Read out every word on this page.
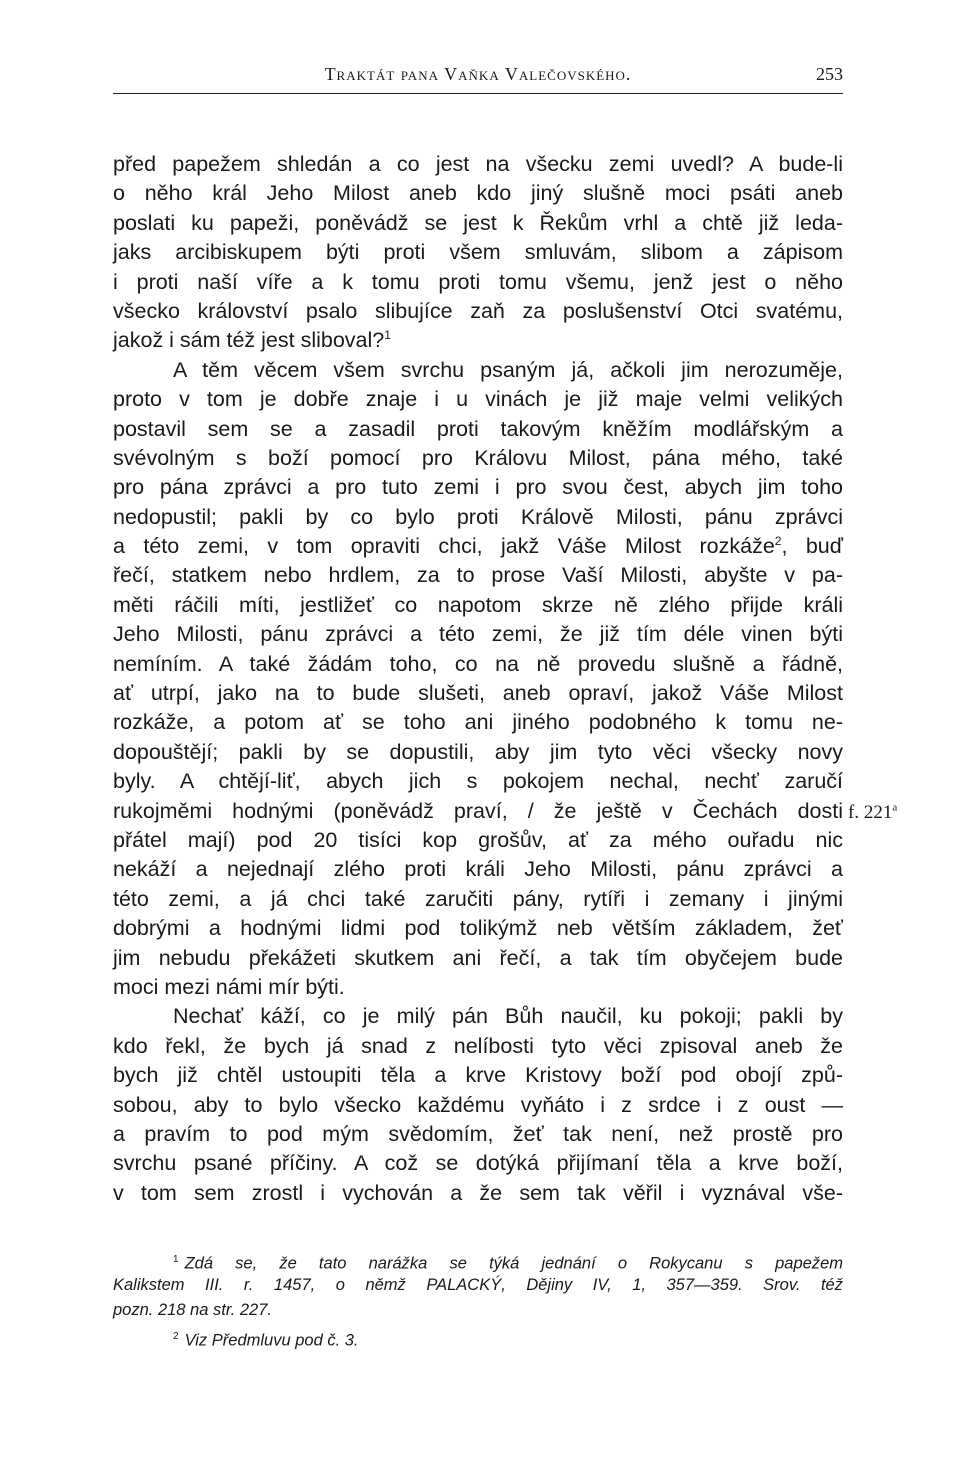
Traktát pana Vaňka Valečovského.	253
před papežem shledán a co jest na všecku zemi uvedl? A bude-li
o něho král Jeho Milost aneb kdo jiný slušně moci psáti aneb
poslati ku papeži, poněvádž se jest k Řekům vrhl a chtě již leda-
jaks arcibiskupem býti proti všem smluvám, slibom a zápisom
i proti naší víře a k tomu proti tomu všemu, jenž jest o něho
všecko království psalo slibujíce zaň za poslušenství Otci svatému,
jakož i sám též jest sliboval?$^1$
A těm věcem všem svrchu psaným já, ačkoli jim nerozuměje,
proto v tom je dobře znaje i u vinách je již maje velmi velikých
postavil sem se a zasadil proti takovým kněžím modlářským a
svévolným s boží pomocí pro Královu Milost, pána mého, také
pro pána zprávci a pro tuto zemi i pro svou čest, abych jim toho
nedopustil; pakli by co bylo proti Královĕ Milosti, pánu zprávci
a této zemi, v tom opraviti chci, jakž Váše Milost rozkáže$^2$, buď
řečí, statkem nebo hrdlem, za to prose Vaší Milosti, abyšte v pa-
měti ráčili míti, jestližeť co napotom skrze ně zlého přijde králi
Jeho Milosti, pánu zprávci a této zemi, že již tím déle vinen býti
nemíním. A také žádám toho, co na ně provedu slušně a řádně,
ať utrpí, jako na to bude slušeti, aneb opraví, jakož Váše Milost
rozkáže, a potom ať se toho ani jiného podobného k tomu ne-
dopouštějí; pakli by se dopustili, aby jim tyto věci všecky novy
byly. A chtějí-liť, abych jich s pokojem nechal, nechť zaručí
rukojměmi hodnými (poněvádž praví, / že ještě v Čechách dosti
přátel mají) pod 20 tisíci kop grošův, ať za mého ouřadu nic
nekáží a nejednají zlého proti králi Jeho Milosti, pánu zprávci a
této zemi, a já chci také zaručiti pány, rytíři i zemany i jinými
dobrými a hodnými lidmi pod tolikýmž neb větším základem, žeť
jim nebudu překážeti skutkem ani řečí, a tak tím obyčejem bude
moci mezi námi mír býti.
Nechať káží, co je milý pán Bůh naučil, ku pokoji; pakli by
kdo řekl, že bych já snad z nelíbosti tyto věci zpisoval aneb že
bych již chtěl ustoupiti těla a krve Kristovy boží pod obojí způ-
sobou, aby to bylo všecko každému vyňáto i z srdce i z oust —
a pravím to pod mým svědomím, žeť tak není, než prostě pro
svrchu psané příčiny. A což se dotýká přijímaní těla a krve boží,
v tom sem zrostl i vychován a že sem tak věřil i vyznával vše-
f. 221$^a$
$^1$ Zdá se, že tato narážka se týká jednání o Rokycanu s papežem
Kalikstem III. r. 1457, o němž PALACKÝ, Dějiny IV, 1, 357—359. Srov. též
pozn. 218 na str. 227.
$^2$ Viz Předmluvu pod č. 3.
